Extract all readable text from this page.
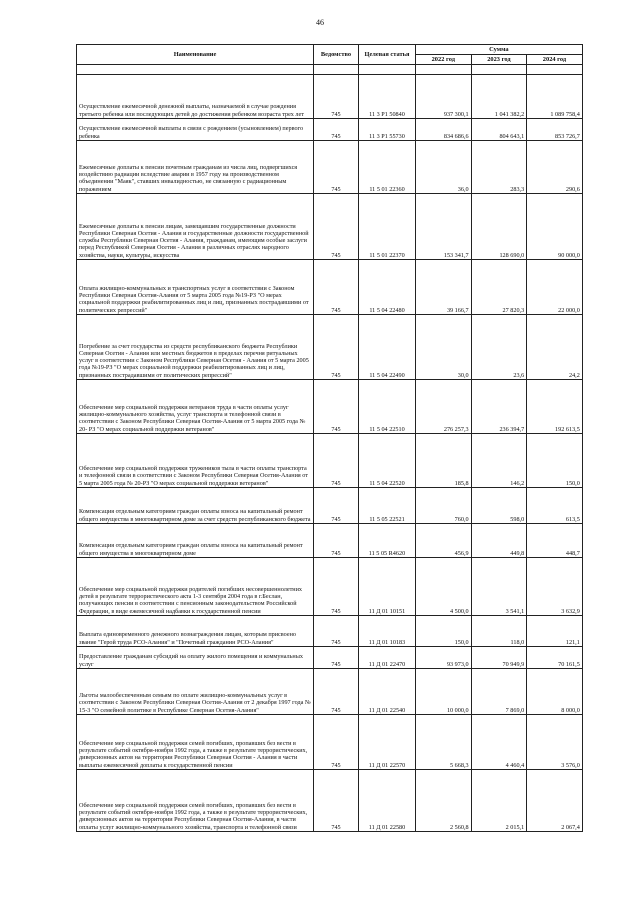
46
Наименование	Ведомство	Целевая статья	Сумма		
			2022 год	2023 год	2024 год

Осуществление ежемесячной денежной выплаты, назначаемой в случае рождения третьего ребенка или последующих детей до достижения ребенком возраста трех лет	745	11 3 P1 50840	937 300,1	1 041 382,2	1 089 758,4
Осуществление ежемесячной выплаты в связи с рождением (усыновлением) первого ребенка	745	11 3 P1 55730	834 686,6	804 643,1	853 726,7
Ежемесячные доплаты к пенсии почетным гражданам из числа лиц, подвергшихся воздействию радиации вследствие аварии в 1957 году на производственном объединении "Маяк", ставших инвалидностью, не связанную с радиационным поражением	745	11 5 01 22360	36,0	283,3	290,6
Ежемесячные доплаты к пенсии лицам, замещавшим государственные должности Республики Северная Осетия - Алания и государственные должности государственной службы Республики Северная Осетия - Алания, гражданам, имеющим особые заслуги перед Республикой Северная Осетия - Алания в различных отраслях народного хозяйства, науки, культуры, искусства	745	11 5 01 22370	153 341,7	128 690,0	90 000,0
Оплата жилищно-коммунальных и транспортных услуг в соответствии с Законом Республики Северная Осетия-Алания от 5 марта 2005 года №19-РЗ "О мерах социальной поддержки реабилитированных лиц и лиц, признанных пострадавшими от политических репрессий"	745	11 5 04 22480	39 166,7	27 820,3	22 000,0
Погребение за счет государства из средств республиканского бюджета Республики Северная Осетия - Алания или местных бюджетов в пределах перечня ритуальных услуг в соответствии с Законом Республики Северная Осетия - Алания от 5 марта 2005 года №19-РЗ "О мерах социальной поддержки реабилитированных лиц и лиц, признанных пострадавшими от политических репрессий"	745	11 5 04 22490	30,0	23,6	24,2
Обеспечение мер социальной поддержки ветеранов труда в части оплаты услуг жилищно-коммунального хозяйства, услуг транспорта и телефонной связи в соответствии с Законом Республики Северная Осетия-Алания от 5 марта 2005 года № 20- РЗ "О мерах социальной поддержки ветеранов"	745	11 5 04 22510	276 257,3	236 394,7	192 613,5
Обеспечение мер социальной поддержки тружеников тыла в части оплаты транспорта и телефонной связи в соответствии с Законом Республики Северная Осетия-Алания от 5 марта 2005 года № 20-РЗ "О мерах социальной поддержки ветеранов"	745	11 5 04 22520	185,8	146,2	150,0
Компенсация отдельным категориям граждан оплаты взноса на капитальный ремонт общего имущества в многоквартирном доме за счет средств республиканского бюджета	745	11 5 05 22521	760,0	598,0	613,5
Компенсация отдельным категориям граждан оплаты взноса на капитальный ремонт общего имущества в многоквартирном доме	745	11 5 05 R4620	456,9	449,8	448,7
Обеспечение мер социальной поддержки родителей погибших несовершеннолетних детей в результате террористического акта 1-3 сентября 2004 года в г.Беслан, получающих пенсии в соответствии с пенсионным законодательством Российской Федерации, в виде ежемесячной надбавки к государственной пенсии	745	11 Д 01 10151	4 500,0	3 541,1	3 632,9
Выплата единовременного денежного вознаграждения лицам, которым присвоено звание "Герой труда РСО-Алания" и "Почетный гражданин РСО-Алания"	745	11 Д 01 10183	150,0	118,0	121,1
Предоставление гражданам субсидий на оплату жилого помещения и коммунальных услуг	745	11 Д 01 22470	93 973,0	70 949,9	70 161,5
Льготы малообеспеченным семьям по оплате жилищно-коммунальных услуг в соответствии с Законом Республики Северная Осетия-Алания от 2 декабря 1997 года № 15-3 "О семейной политике в Республике Северная Осетия-Алания"	745	11 Д 01 22540	10 000,0	7 869,0	8 000,0
Обеспечение мер социальной поддержки семей погибших, пропавших без вести в результате событий октября-ноября 1992 года, а также в результате террористических, диверсионных актов на территории Республики Северная Осетия - Алания в части выплаты ежемесячной доплаты к государственной пенсии	745	11 Д 01 22570	5 668,3	4 460,4	3 576,0
Обеспечение мер социальной поддержки семей погибших, пропавших без вести в результате событий октября-ноября 1992 года, а также в результате террористических, диверсионных актов на территории Республики Северная Осетия-Алания, в части оплаты услуг жилищно-коммунального хозяйства, транспорта и телефонной связи	745	11 Д 01 22580	2 560,8	2 015,1	2 067,4
